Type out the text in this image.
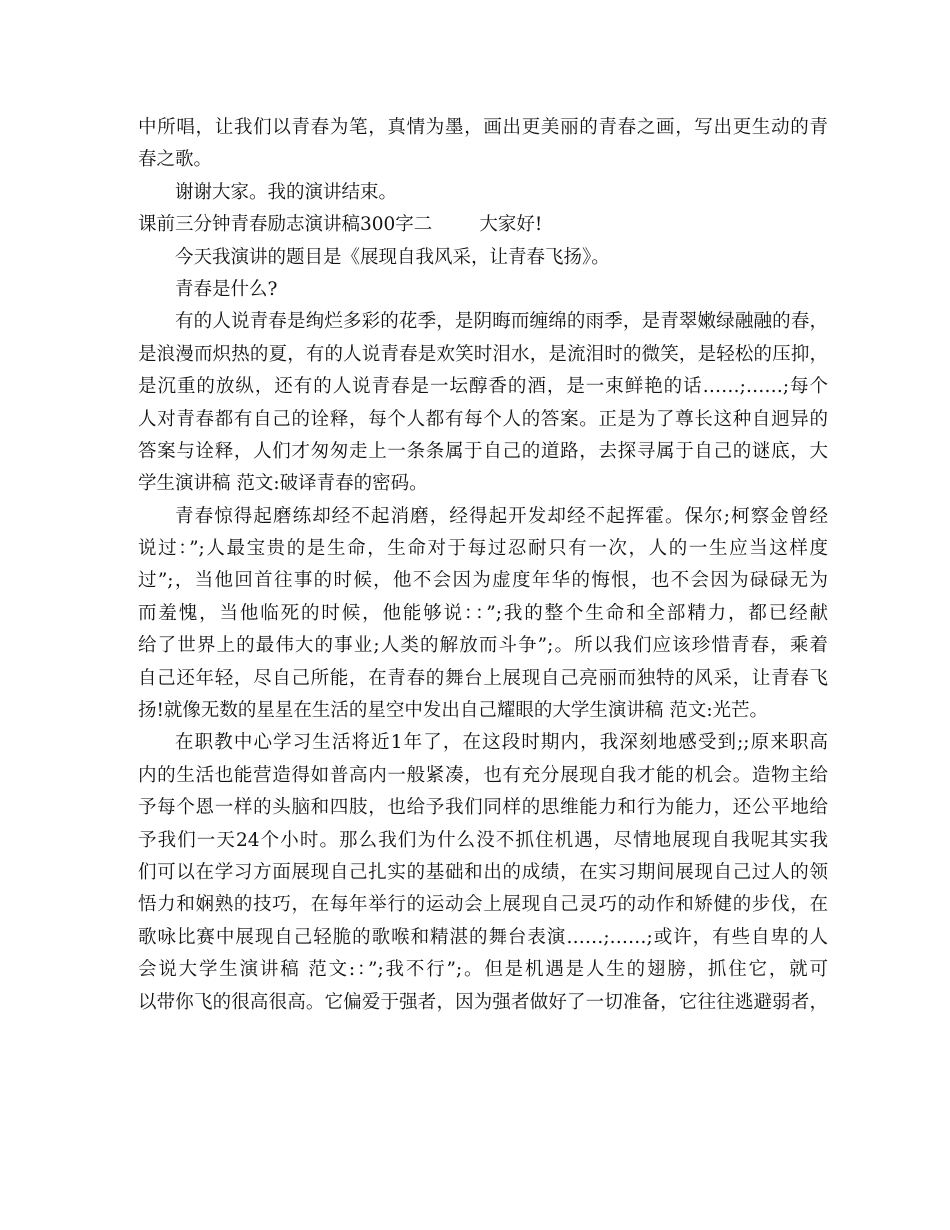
中所唱，让我们以青春为笔，真情为墨，画出更美丽的青春之画，写出更生动的青
春之歌。
谢谢大家。我的演讲结束。
课前三分钟青春励志演讲稿300字二        大家好!
今天我演讲的题目是《展现自我风采，让青春飞扬》。
青春是什么?
有的人说青春是绚烂多彩的花季，是阴晦而缠绵的雨季，是青翠嫩绿融融的春，
是浪漫而炽热的夏，有的人说青春是欢笑时泪水，是流泪时的微笑，是轻松的压抑，
是沉重的放纵，还有的人说青春是一坛醇香的酒，是一束鲜艳的话……;……;每个
人对青春都有自己的诠释，每个人都有每个人的答案。正是为了尊长这种自迥异的
答案与诠释，人们才匆匆走上一条条属于自己的道路，去探寻属于自己的谜底，大
学生演讲稿 范文:破译青春的密码。
青春惊得起磨练却经不起消磨，经得起开发却经不起挥霍。保尔;柯察金曾经
说过：”;人最宝贵的是生命，生命对于每过忍耐只有一次，人的一生应当这样度
过”;，当他回首往事的时候，他不会因为虚度年华的悔恨，也不会因为碌碌无为
而羞愧，当他临死的时候，他能够说：：”;我的整个生命和全部精力，都已经献
给了世界上的最伟大的事业;人类的解放而斗争”;。所以我们应该珍惜青春，乘着
自己还年轻，尽自己所能，在青春的舞台上展现自己亮丽而独特的风采，让青春飞
扬!就像无数的星星在生活的星空中发出自己耀眼的大学生演讲稿 范文:光芒。
在职教中心学习生活将近1年了，在这段时期内，我深刻地感受到;;原来职高
内的生活也能营造得如普高内一般紧凑，也有充分展现自我才能的机会。造物主给
予每个恩一样的头脑和四肢，也给予我们同样的思维能力和行为能力，还公平地给
予我们一天24个小时。那么我们为什么没不抓住机遇，尽情地展现自我呢其实我
们可以在学习方面展现自己扎实的基础和出的成绩，在实习期间展现自己过人的领
悟力和娴熟的技巧，在每年举行的运动会上展现自己灵巧的动作和矫健的步伐，在
歌咏比赛中展现自己轻脆的歌喉和精湛的舞台表演……;……;或许，有些自卑的人
会说大学生演讲稿 范文:：”;我不行”;。但是机遇是人生的翅膀，抓住它，就可
以带你飞的很高很高。它偏爱于强者，因为强者做好了一切准备，它往往逃避弱者，
